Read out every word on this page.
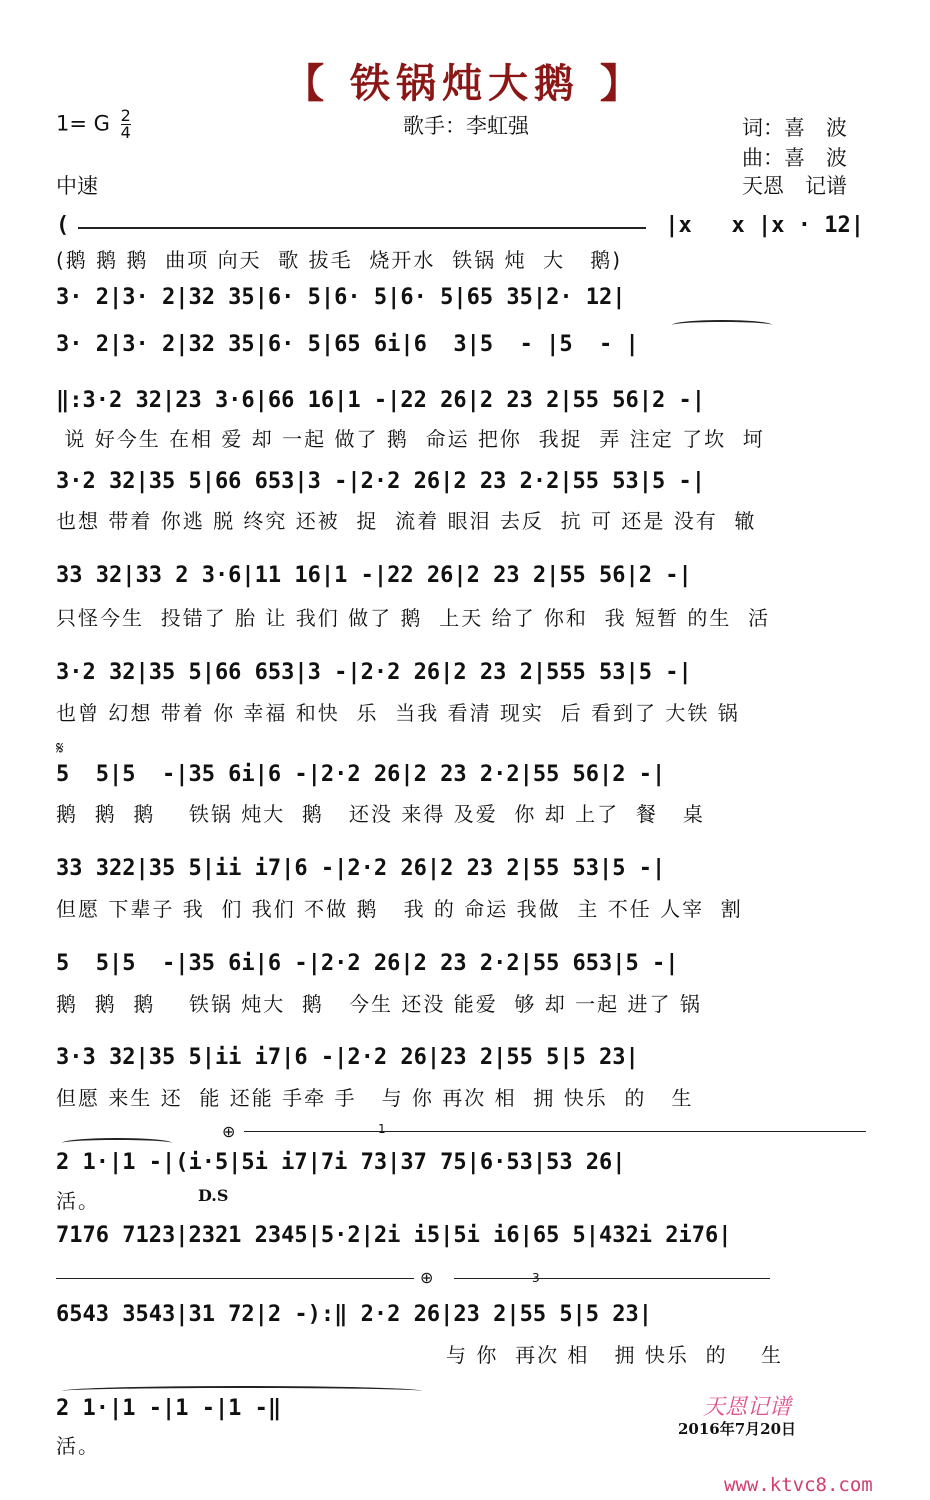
【 铁锅炖大鹅 】
1= G $\frac{2}{4}$	歌手：李虹强	词：喜　波
曲：喜　波
中速	天恩　记谱
(                                             |x   x |x · 12|
(鹅 鹅 鹅  曲项 向天  歌 拔毛  烧开水  铁锅 炖  大   鹅)
3· 2|3· 2|32 35|6· 5|6· 5|6· 5|65 35|2· 12|
3· 2|3· 2|32 35|6· 5|65 6i|6  3|5  - |5  - |
‖:3·2 32|23 3·6|66 16|1 -|22 26|2 23 2|55 56|2 -|
说 好今生 在相 爱 却 一起 做了 鹅  命运 把你  我捉  弄 注定 了坎  坷
3·2 32|35 5|66 653|3 -|2·2 26|2 23 2·2|55 53|5 -|
也想 带着 你逃 脱 终究 还被  捉  流着 眼泪 去反  抗 可 还是 没有  辙
33 32|33 2 3·6|11 16|1 -|22 26|2 23 2|55 56|2 -|
只怪今生  投错了 胎 让 我们 做了 鹅  上天 给了 你和  我 短暂 的生  活
3·2 32|35 5|66 653|3 -|2·2 26|2 23 2|555 53|5 -|
也曾 幻想 带着 你 幸福 和快  乐  当我 看清 现实  后 看到了 大铁 锅
𝄋
5  5|5  -|35 6i|6 -|2·2 26|2 23 2·2|55 56|2 -|
鹅  鹅  鹅    铁锅 炖大  鹅   还没 来得 及爱  你 却 上了  餐   桌
33 322|35 5|ii i7|6 -|2·2 26|2 23 2|55 53|5 -|
但愿 下辈子 我  们 我们 不做 鹅   我 的 命运 我做  主 不任 人宰  割
5  5|5  -|35 6i|6 -|2·2 26|2 23 2·2|55 653|5 -|
鹅  鹅  鹅    铁锅 炖大  鹅   今生 还没 能爱  够 却 一起 进了 锅
3·3 32|35 5|ii i7|6 -|2·2 26|23 2|55 5|5 23|
但愿 来生 还  能 还能 手牵 手   与 你 再次 相  拥 快乐  的   生
⊕	1
2 1·|1 -|(i·5|5i i7|7i 73|37 75|6·53|53 26|
活。	D.S
7176 7123|2321 2345|5·2|2i i5|5i i6|65 5|432i 2i76|
⊕	3
6543 3543|31 72|2 -):‖ 2·2 26|23 2|55 5|5 23|
与 你  再次 相   拥 快乐  的    生
2 1·|1 -|1 -|1 -‖
活。
天恩记谱
2016年7月20日
www.ktvc8.com
